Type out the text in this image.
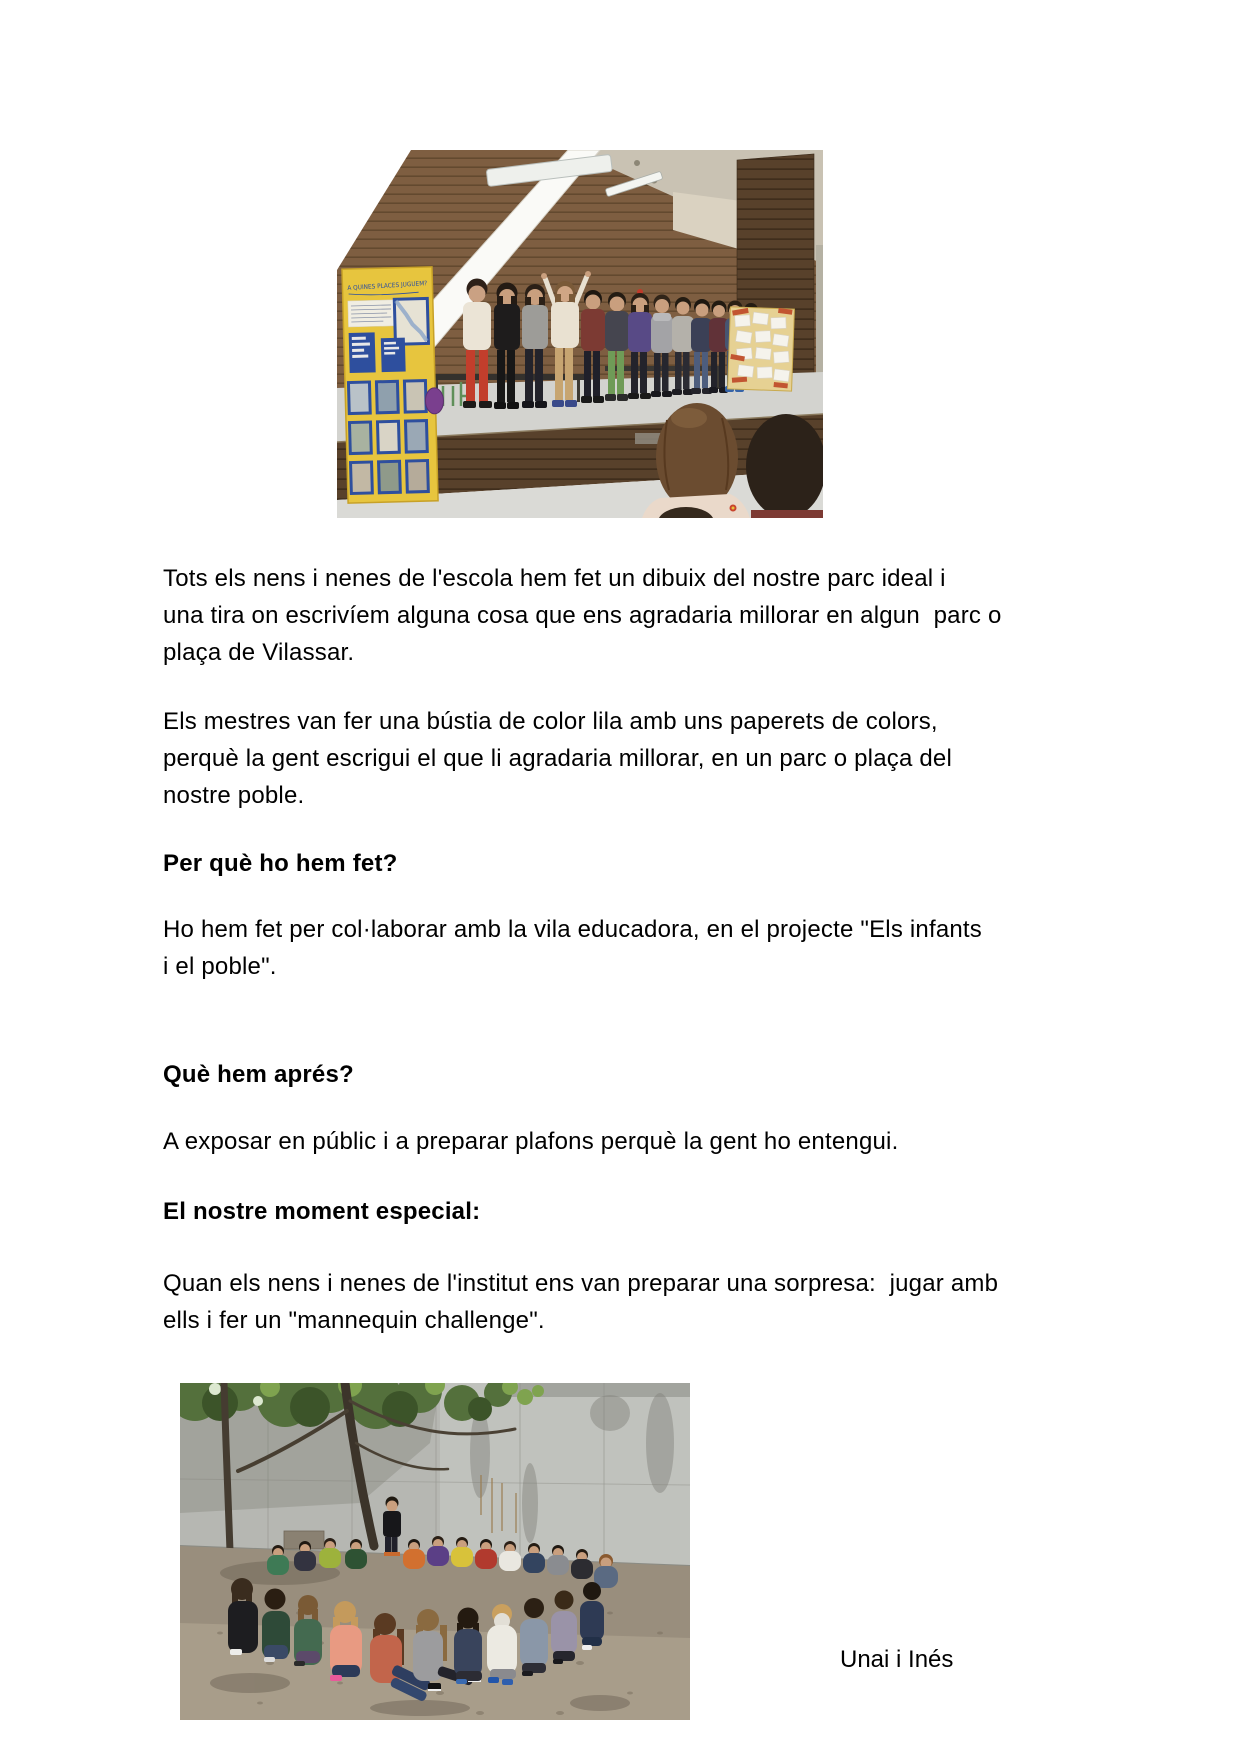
A QUINES PLACES JUGUEM?
Tots els nens i nenes de l'escola hem fet un dibuix del nostre parc ideal i
una tira on escrivíem alguna cosa que ens agradaria millorar en algun  parc o
plaça de Vilassar.
Els mestres van fer una bústia de color lila amb uns paperets de colors,
perquè la gent escrigui el que li agradaria millorar, en un parc o plaça del
nostre poble.
Per què ho hem fet?
Ho hem fet per col·laborar amb la vila educadora, en el projecte "Els infants
i el poble".
Què hem aprés?
A exposar en públic i a preparar plafons perquè la gent ho entengui.
El nostre moment especial:
Quan els nens i nenes de l'institut ens van preparar una sorpresa:  jugar amb
ells i fer un "mannequin challenge".
Unai i Inés
